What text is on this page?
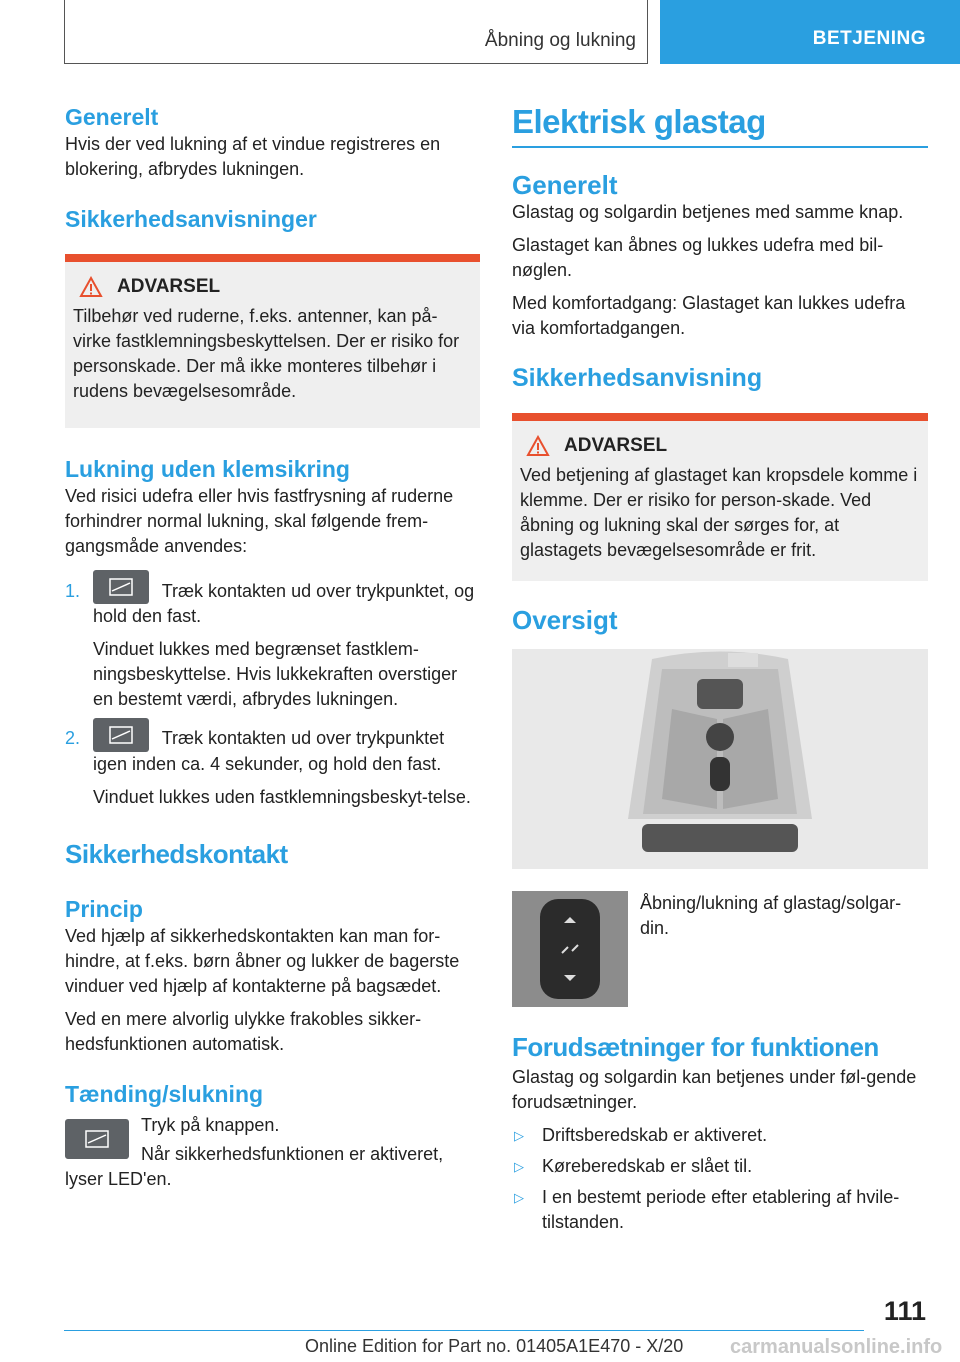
Åbning og lukning	BETJENING
Generelt

Hvis der ved lukning af et vindue registreres en blokering, afbrydes lukningen.

Sikkerhedsanvisninger
ADVARSEL

Tilbehør ved ruderne, f.eks. antenner, kan på-virke fastklemningsbeskyttelsen. Der er risiko for personskade. Der må ikke monteres tilbehør i rudens bevægelsesområde.

Lukning uden klemsikring

Ved risici udefra eller hvis fastfrysning af ruderne forhindrer normal lukning, skal følgende frem-gangsmåde anvendes:

1.	Træk kontakten ud over trykpunktet, og hold den fast.

Vinduet lukkes med begrænset fastklem-ningsbeskyttelse. Hvis lukkekraften overstiger en bestemt værdi, afbrydes lukningen.

2.	Træk kontakten ud over trykpunktet igen inden ca. 4 sekunder, og hold den fast.

Vinduet lukkes uden fastklemningsbeskyt-telse.

Sikkerhedskontakt
Princip

Ved hjælp af sikkerhedskontakten kan man for-hindre, at f.eks. børn åbner og lukker de bagerste vinduer ved hjælp af kontakterne på bagsædet.

Ved en mere alvorlig ulykke frakobles sikker-hedsfunktionen automatisk.

Tænding/slukning

Tryk på knappen.

Når sikkerhedsfunktionen er aktiveret, lyser LED'en.

Elektrisk glastag
Generelt

Glastag og solgardin betjenes med samme knap.

Glastaget kan åbnes og lukkes udefra med bil-nøglen.

Med komfortadgang: Glastaget kan lukkes udefra via komfortadgangen.

Sikkerhedsanvisning
ADVARSEL

Ved betjening af glastaget kan kropsdele komme i klemme. Der er risiko for person-skade. Ved åbning og lukning skal der sørges for, at glastagets bevægelsesområde er frit.

Oversigt

Åbning/lukning af glastag/solgar-din.

Forudsætninger for funktionen

Glastag og solgardin kan betjenes under føl-gende forudsætninger.

▷ Driftsberedskab er aktiveret.
▷ Køreberedskab er slået til.
▷ I en bestemt periode efter etablering af hvile-tilstanden.
111
Online Edition for Part no. 01405A1E470 - X/20 carmanualsonline.info
